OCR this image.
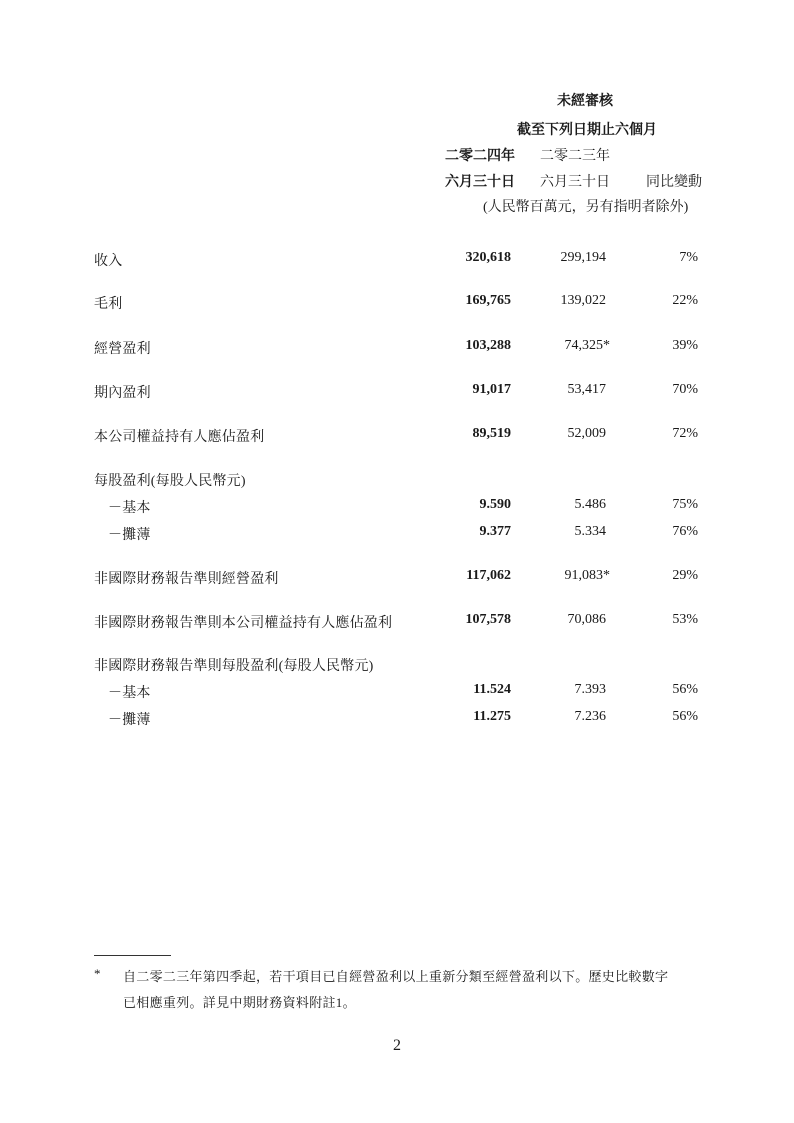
未經審核
截至下列日期止六個月
二零二四年 二零二三年
六月三十日 六月三十日	同比變動
(人民幣百萬元，另有指明者除外)
收入	320,618	299,194	7%
毛利	169,765	139,022	22%
經營盈利	103,288	74,325*	39%
期內盈利	91,017	53,417	70%
本公司權益持有人應佔盈利	89,519	52,009	72%
每股盈利(每股人民幣元)
－基本	9.590	5.486	75%
－攤薄	9.377	5.334	76%
非國際財務報告準則經營盈利	117,062	91,083*	29%
非國際財務報告準則本公司權益持有人應佔盈利	107,578	70,086	53%
非國際財務報告準則每股盈利(每股人民幣元)
－基本	11.524	7.393	56%
－攤薄	11.275	7.236	56%
* 自二零二三年第四季起，若干項目已自經營盈利以上重新分類至經營盈利以下。歷史比較數字
已相應重列。詳見中期財務資料附註1。
2
